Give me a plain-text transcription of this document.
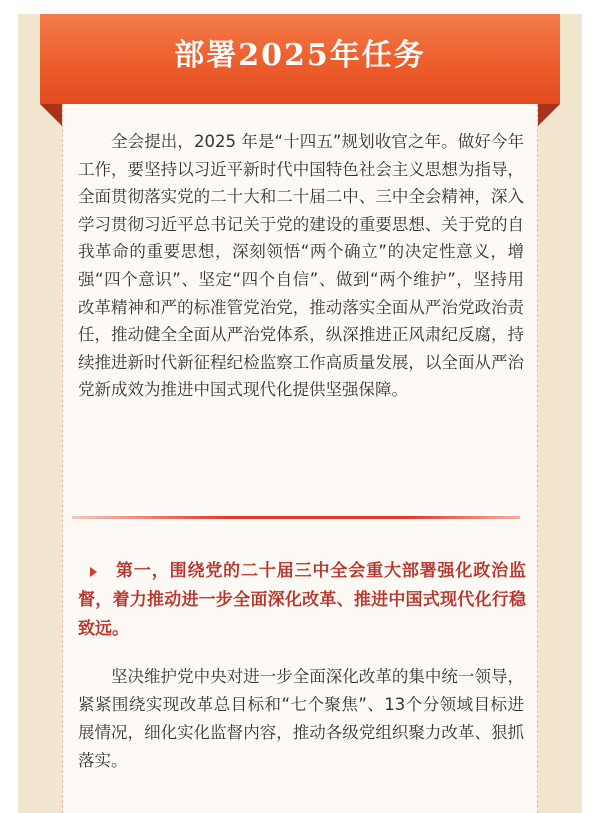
部署2025年任务

全会提出，2025 年是“十四五”规划收官之年。做好今年工作，要坚持以习近平新时代中国特色社会主义思想为指导，全面贯彻落实党的二十大和二十届二中、三中全会精神，深入学习贯彻习近平总书记关于党的建设的重要思想、关于党的自我革命的重要思想，深刻领悟“两个确立”的决定性意义，增强“四个意识”、坚定“四个自信”、做到“两个维护”，坚持用改革精神和严的标准管党治党，推动落实全面从严治党政治责任，推动健全全面从严治党体系，纵深推进正风肃纪反腐，持续推进新时代新征程纪检监察工作高质量发展，以全面从严治党新成效为推进中国式现代化提供坚强保障。

第一，围绕党的二十届三中全会重大部署强化政治监督，着力推动进一步全面深化改革、推进中国式现代化行稳致远。

坚决维护党中央对进一步全面深化改革的集中统一领导，紧紧围绕实现改革总目标和“七个聚焦”、13个分领域目标进展情况，细化实化监督内容，推动各级党组织聚力改革、狠抓落实。
